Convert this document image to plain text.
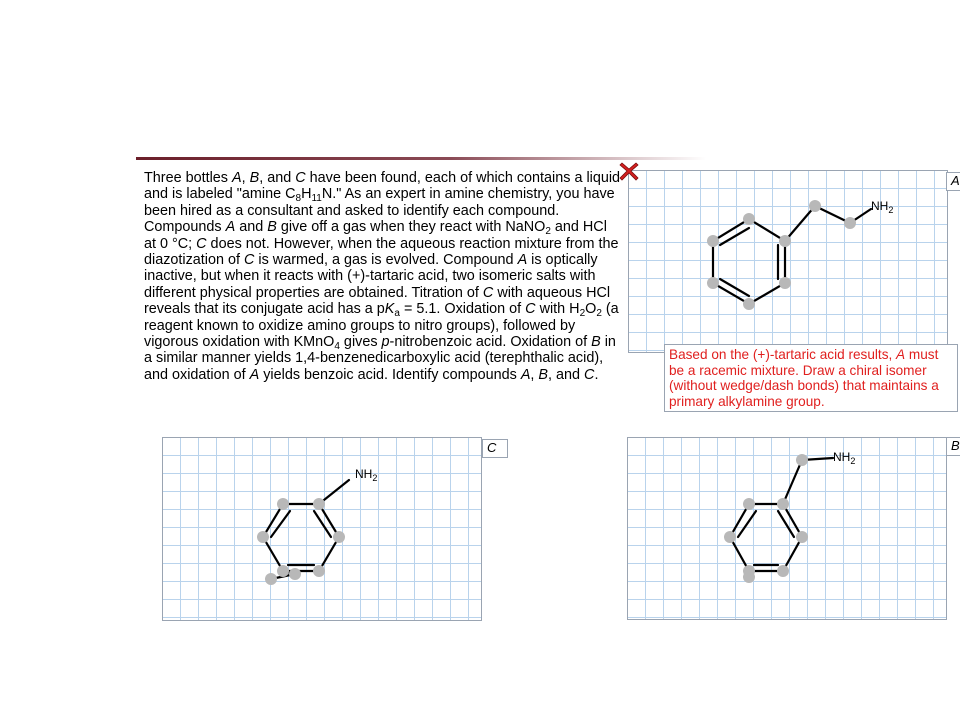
Three bottles A, B, and C have been found, each of which contains a liquid and is labeled "amine $C_8H_{11}N$." As an expert in amine chemistry, you have been hired as a consultant and asked to identify each compound. Compounds A and B give off a gas when they react with NaNO$_2$ and HCl at 0 °C; C does not. However, when the aqueous reaction mixture from the diazotization of C is warmed, a gas is evolved. Compound A is optically inactive, but when it reacts with (+)-tartaric acid, two isomeric salts with different physical properties are obtained. Titration of C with aqueous HCl reveals that its conjugate acid has a $pK_a = 5.1$. Oxidation of C with $H_2O_2$ (a reagent known to oxidize amino groups to nitro groups), followed by vigorous oxidation with KMnO$_4$ gives p-nitrobenzoic acid. Oxidation of B in a similar manner yields 1,4-benzenedicarboxylic acid (terephthalic acid), and oxidation of A yields benzoic acid. Identify compounds A, B, and C.

$NH_2$
A
Based on the (+)-tartaric acid results, A must be a racemic mixture. Draw a chiral isomer (without wedge/dash bonds) that maintains a primary alkylamine group.
$NH_2$
C
$NH_2$
B
